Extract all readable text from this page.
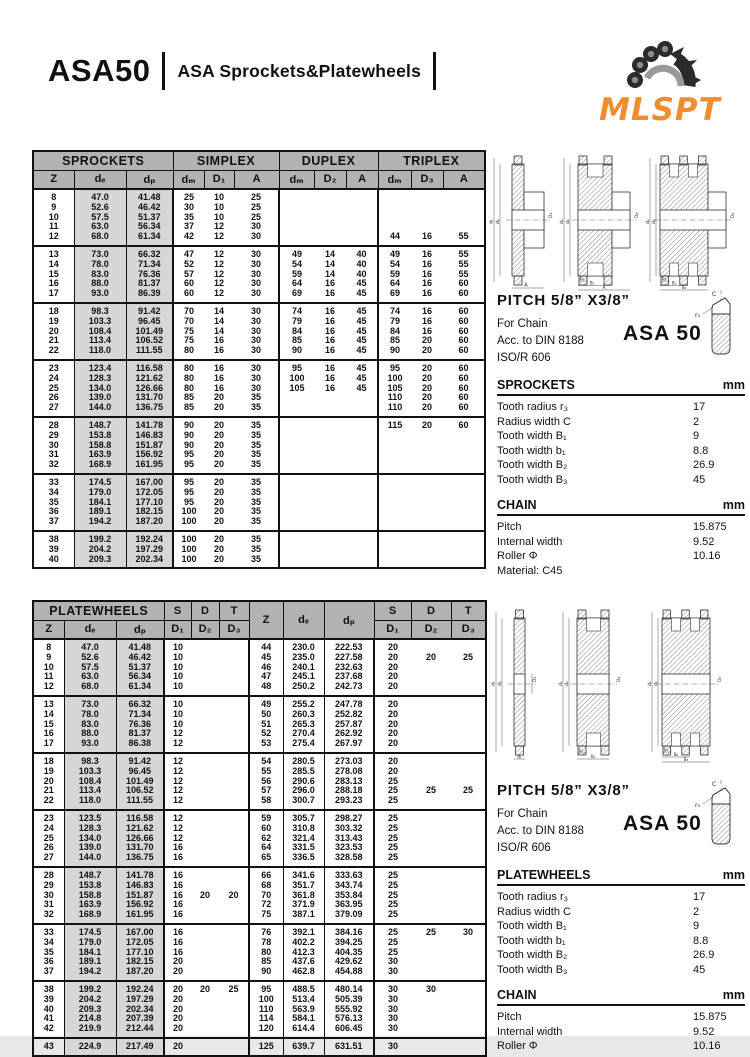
ASA50 ASA Sprockets&Platewheels
MLSPT
SPROCKETS			SIMPLEX			DUPLEX			TRIPLEX		
Z	dₑ	dₚ	dₘ	D₁	A	dₘ	D₂	A	dₘ	D₃	A
8	47.0	41.48	25	10	25						
9	52.6	46.42	30	10	25						
10	57.5	51.37	35	10	25						
11	63.0	56.34	37	12	30						
12	68.0	61.34	42	12	30				44	16	55
13	73.0	66.32	47	12	30	49	14	40	49	16	55
14	78.0	71.34	52	12	30	54	14	40	54	16	55
15	83.0	76.36	57	12	30	59	14	40	59	16	55
16	88.0	81.37	60	12	30	64	16	45	64	16	60
17	93.0	86.39	60	12	30	69	16	45	69	16	60
18	98.3	91.42	70	14	30	74	16	45	74	16	60
19	103.3	96.45	70	14	30	79	16	45	79	16	60
20	108.4	101.49	75	14	30	84	16	45	84	16	60
21	113.4	106.52	75	16	30	85	16	45	85	20	60
22	118.0	111.55	80	16	30	90	16	45	90	20	60
23	123.4	116.58	80	16	30	95	16	45	95	20	60
24	128.3	121.62	80	16	30	100	16	45	100	20	60
25	134.0	126.66	80	16	30	105	16	45	105	20	60
26	139.0	131.70	85	20	35				110	20	60
27	144.0	136.75	85	20	35				110	20	60
28	148.7	141.78	90	20	35				115	20	60
29	153.8	146.83	90	20	35						
30	158.8	151.87	90	20	35						
31	163.9	156.92	95	20	35						
32	168.9	161.95	95	20	35						
33	174.5	167.00	95	20	35						
34	179.0	172.05	95	20	35						
35	184.1	177.10	95	20	35						
36	189.1	182.15	100	20	35						
37	194.2	187.20	100	20	35						
38	199.2	192.24	100	20	35						
39	204.2	197.29	100	20	35						
40	209.3	202.34	100	20	35						
PLATEWHEELS			S	D	T	Z	dₑ	dₚ	S	D	T
Z	dₑ	dₚ	D₁	D₂	D₃				D₁	D₂	D₃
8	47.0	41.48	10			44	230.0	222.53	20		
9	52.6	46.42	10			45	235.0	227.58	20	20	25
10	57.5	51.37	10			46	240.1	232.63	20		
11	63.0	56.34	10			47	245.1	237.68	20		
12	68.0	61.34	10			48	250.2	242.73	20		
13	73.0	66.32	10			49	255.2	247.78	20		
14	78.0	71.34	10			50	260.3	252.82	20		
15	83.0	76.36	10			51	265.3	257.87	20		
16	88.0	81.37	12			52	270.4	262.92	20		
17	93.0	86.38	12			53	275.4	267.97	20		
18	98.3	91.42	12			54	280.5	273.03	20		
19	103.3	96.45	12			55	285.5	278.08	20		
20	108.4	101.49	12			56	290.6	283.13	25		
21	113.4	106.52	12			57	296.0	288.18	25	25	25
22	118.0	111.55	12			58	300.7	293.23	25		
23	123.5	116.58	12			59	305.7	298.27	25		
24	128.3	121.62	12			60	310.8	303.32	25		
25	134.0	126.66	12			62	321.4	313.43	25		
26	139.0	131.70	16			64	331.5	323.53	25		
27	144.0	136.75	16			65	336.5	328.58	25		
28	148.7	141.78	16			66	341.6	333.63	25		
29	153.8	146.83	16			68	351.7	343.74	25		
30	158.8	151.87	16	20	20	70	361.8	353.84	25		
31	163.9	156.92	16			72	371.9	363.95	25		
32	168.9	161.95	16			75	387.1	379.09	25		
33	174.5	167.00	16			76	392.1	384.16	25	25	30
34	179.0	172.05	16			78	402.2	394.25	25		
35	184.1	177.10	16			80	412.3	404.35	25		
36	189.1	182.15	20			85	437.6	429.62	30		
37	194.2	187.20	20			90	462.8	454.88	30		
38	199.2	192.24	20	20	25	95	488.5	480.14	30	30	
39	204.2	197.29	20			100	513.4	505.39	30		
40	209.3	202.34	20			110	563.9	555.92	30		
41	214.8	207.39	20			114	584.1	576.13	30		
42	219.9	212.44	20			120	614.4	606.45	30		
43	224.9	217.49	20			125	639.7	631.51	30		
dₑ dₚ
D₁
A
dₑ dₚ
D₂
b₁
B₂
A
dₑ dₚ
D₃
b₁
B₂
B₃
dₑ dₚ
D₁
B₁
dₑ dₚ
D₂
b₁
B₂
dₑ dₚ
D₃
b₁
B₂
B₃
PITCH 5/8” X3/8”
For Chain
Acc. to DIN 8188
ISO/R 606
ASA 50
C
r₃
SPROCKETS	mm
Tooth radius r₃	17
Radius width C	2
Tooth width B₁	9
Tooth width b₁	8.8
Tooth width B₂	26.9
Tooth width B₃	45
CHAIN	mm
Pitch	15.875
Internal width	9.52
Roller Φ	10.16
Material: C45
PITCH 5/8” X3/8”
For Chain
Acc. to DIN 8188
ISO/R 606
ASA 50
C
r₃
PLATEWHEELS	mm
Tooth radius r₃	17
Radius width C	2
Tooth width B₁	9
Tooth width b₁	8.8
Tooth width B₂	26.9
Tooth width B₃	45
CHAIN	mm
Pitch	15.875
Internal width	9.52
Roller Φ	10.16
